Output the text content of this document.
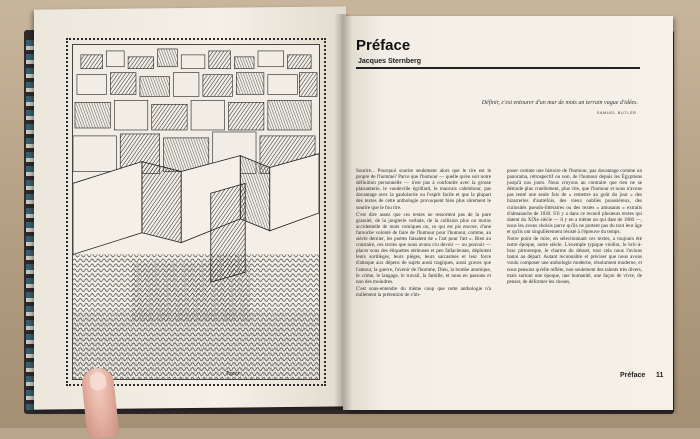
Topor
Préface
Jacques Sternberg
Définir, c'est entourer d'un mur de mots un terrain vague d'idées.
SAMUEL BUTLER.

Sourire... Pourquoi sourire seulement alors que le rire est le propre de l'homme? Parce que l'humour — quelle qu'en soit notre définition personnelle — n'est pas à confondre avec la grosse plaisanterie, le vaudeville égrillard, le mauvais calembour, pas davantage avec la gauloiserie ou l'esprit facile et que la plupart des textes de cette anthologie provoquent bien plus sûrement le sourire que le fou rire.

C'est dire assez que ces textes ne ressortent pas de la pure gratuité, de la jonglerie verbale, de la collision plus ou moins accidentelle de mots comiques ou, ce qui est pis encore, d'une farouche volonté de faire de l'humour pour l'humour, comme, au siècle dernier, les poètes faisaient de « l'art pour l'art ». Bien au contraire, ces textes que nous avons cru devoir — ou pouvoir — placer sous des étiquettes sérieuses et peu fallacieuses, déploient leurs sortilèges, leurs pièges, leurs sarcasmes et leur force d'attaque aux dépens de sujets aussi tragiques, aussi graves que l'amour, la guerre, l'avenir de l'homme, Dieu, la bombe atomique, le crime, le langage, le travail, la famille, et nous en passons et non des moindres.

C'est sous-entendre du même coup que cette anthologie n'a nullement la prétention de s'im-

poser comme une histoire de l'humour, pas davantage comme un panorama, rétrospectif ou non, de l'humour depuis les Égyptiens jusqu'à nos jours. Nous croyons au contraire que rien ne se démode plus cruellement, plus vite, que l'humour et nous n'avons pas tenté une seule fois de « remettre au goût du jour » des bizarreries d'autrefois, des vieux oubliés poussiéreux, des curiosités pseudo-littéraires ou des textes « amusants » extraits d'almanachs de 1830. S'il y a dans ce recueil plusieurs textes qui datent du XIXe siècle — il y en a même un qui date de 1860 —, nous les avons choisis parce qu'ils ne portent pas du tout leur âge et qu'ils ont singulièrement résisté à l'épreuve du temps.

Notre point de mire, en sélectionnant ces textes, a toujours été notre époque, notre siècle. L'exemple typique vieillot, le bric-à-brac pittoresque, le charme du désuet, tout cela nous l'avions banni au départ. Autant reconnaître et préciser que nous avons voulu composer une anthologie moderne, résolument moderne, et nous pensons qu'elle reflète, non seulement des talents très divers, mais surtout une époque, une humanité, une façon de vivre, de penser, de déformer les choses,

Préface 11
